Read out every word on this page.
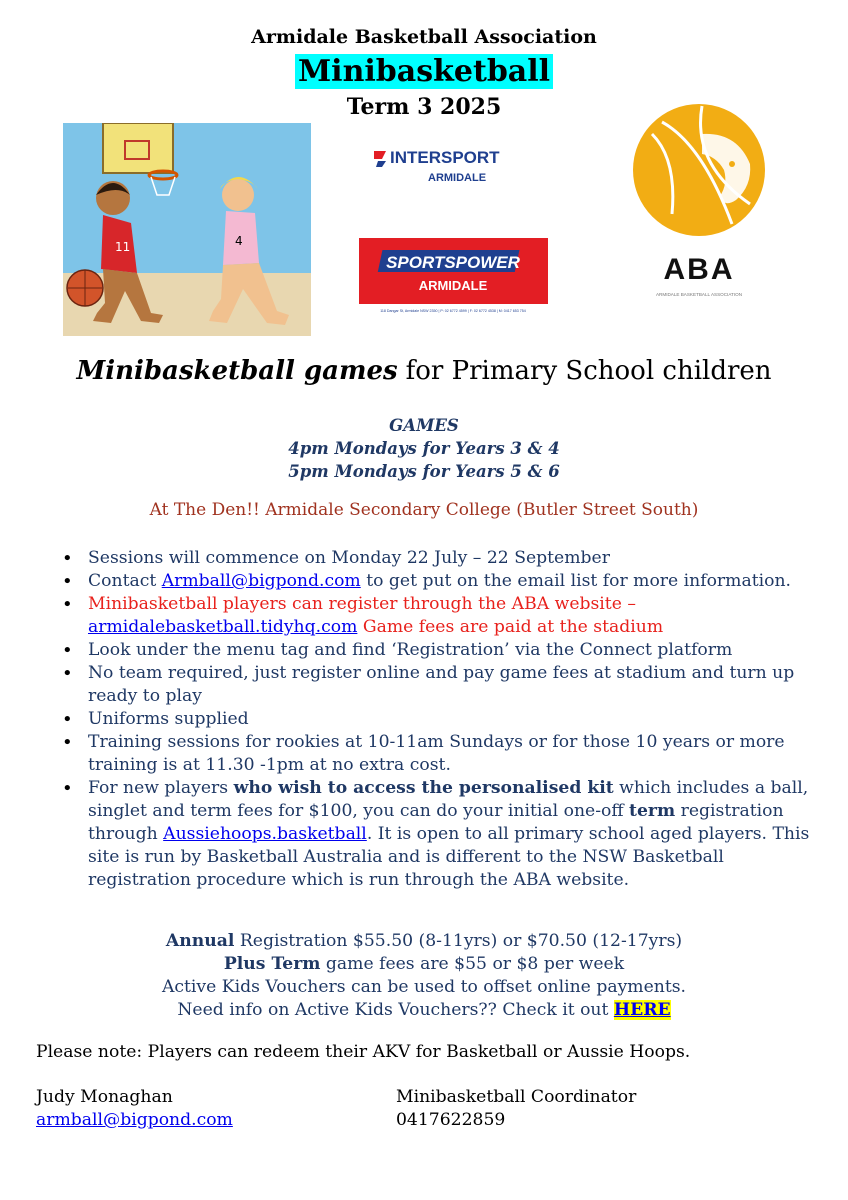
Armidale Basketball Association
Minibasketball
Term 3 2025
11	4
INTERSPORT
ARMIDALE
SPORTSPOWER
ARMIDALE
118 Dangar St, Armidale NSW 2350 | P: 02 6772 4599 | F: 02 6772 4538 | M: 0417 653 754
ABA
ARMIDALE BASKETBALL ASSOCIATION
Minibasketball games for Primary School children
GAMES
4pm Mondays for Years 3 & 4
5pm Mondays for Years 5 & 6
At The Den!! Armidale Secondary College (Butler Street South)
• Sessions will commence on Monday 22 July – 22 September
• Contact Armball@bigpond.com to get put on the email list for more information.
• Minibasketball players can register through the ABA website –
armidalebasketball.tidyhq.com Game fees are paid at the stadium
• Look under the menu tag and find ‘Registration’ via the Connect platform
• No team required, just register online and pay game fees at stadium and turn up ready to play
• Uniforms supplied
• Training sessions for rookies at 10-11am Sundays or for those 10 years or more training is at 11.30 -1pm at no extra cost.
• For new players who wish to access the personalised kit which includes a ball, singlet and term fees for $100, you can do your initial one-off term registration through Aussiehoops.basketball. It is open to all primary school aged players. This site is run by Basketball Australia and is different to the NSW Basketball registration procedure which is run through the ABA website.
Annual Registration $55.50 (8-11yrs) or $70.50 (12-17yrs)
Plus Term game fees are $55 or $8 per week
Active Kids Vouchers can be used to offset online payments.
Need info on Active Kids Vouchers?? Check it out HERE
Please note: Players can redeem their AKV for Basketball or Aussie Hoops.
Judy Monaghan
armball@bigpond.com
Minibasketball Coordinator
0417622859
